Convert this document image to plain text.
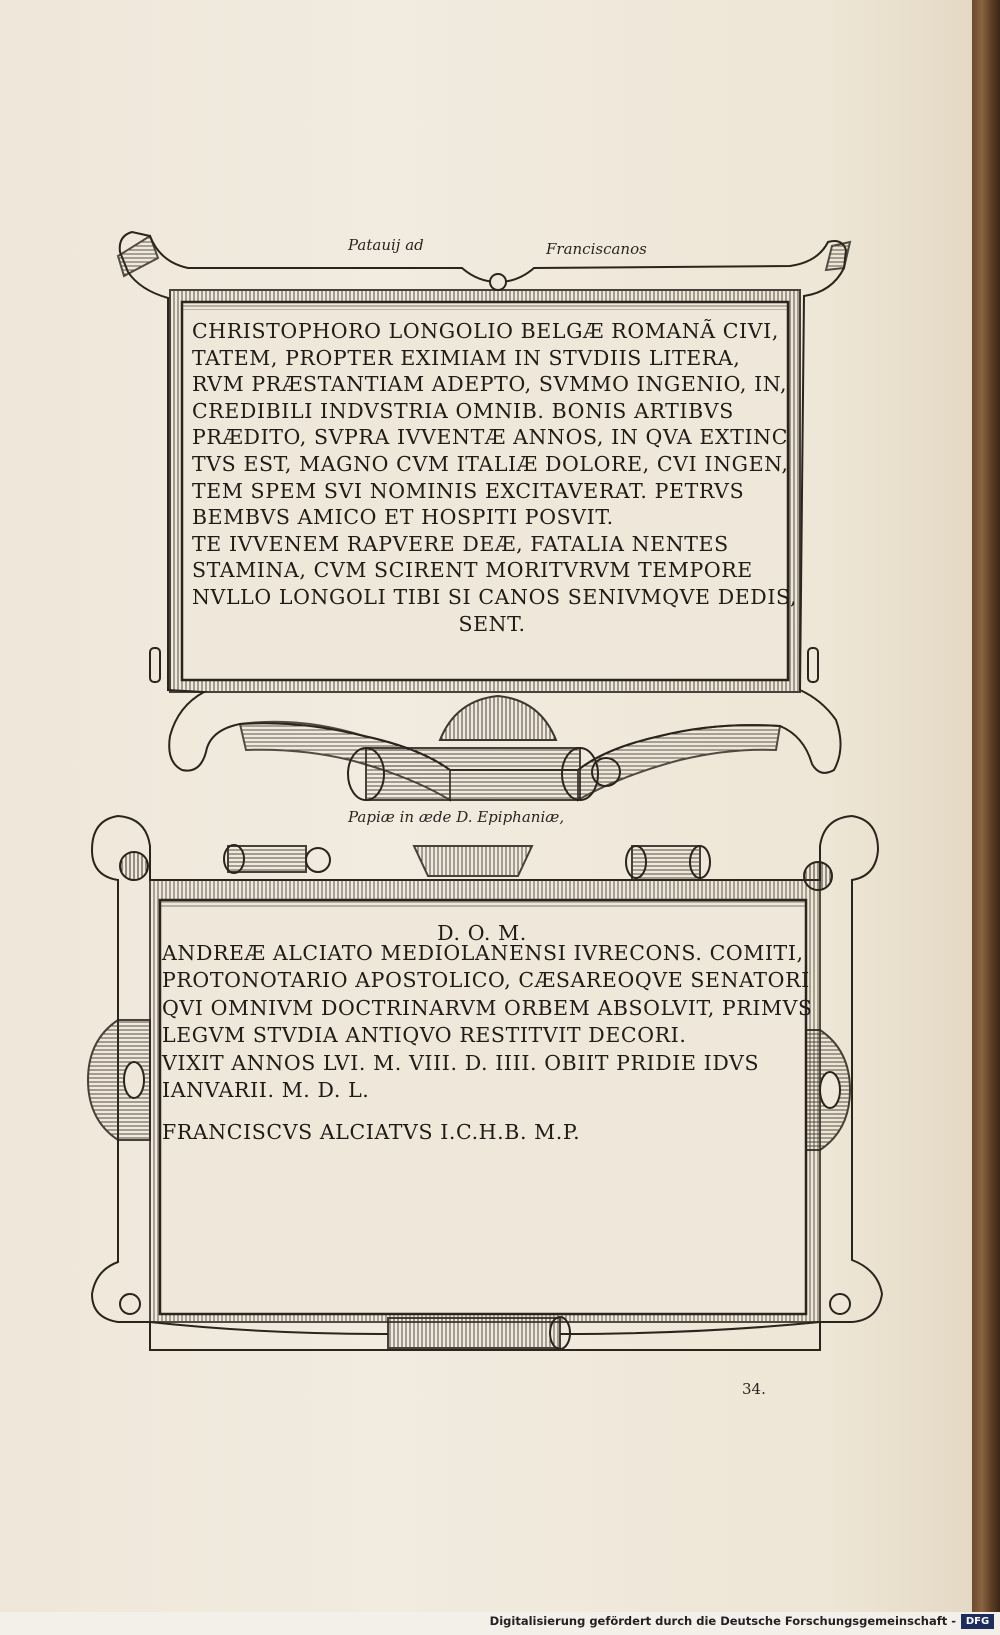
Patauij ad	Franciscanos
Papiæ in æde D. Epiphaniæ,
CHRISTOPHORO LONGOLIO BELGÆ ROMANÃ CIVI,
TATEM, PROPTER EXIMIAM IN STVDIIS LITERA,
RVM PRÆSTANTIAM ADEPTO, SVMMO INGENIO, IN,
CREDIBILI INDVSTRIA OMNIB. BONIS ARTIBVS
PRÆDITO, SVPRA IVVENTÆ ANNOS, IN QVA EXTINC
TVS EST, MAGNO CVM ITALIÆ DOLORE, CVI INGEN,
TEM SPEM SVI NOMINIS EXCITAVERAT. PETRVS
BEMBVS AMICO ET HOSPITI POSVIT.
TE IVVENEM RAPVERE DEÆ, FATALIA NENTES
STAMINA, CVM SCIRENT MORITVRVM TEMPORE
NVLLO LONGOLI TIBI SI CANOS SENIVMQVE DEDIS,
SENT.
D. O. M.
ANDREÆ ALCIATO MEDIOLANENSI IVRECONS. COMITI,
PROTONOTARIO APOSTOLICO, CÆSAREOQVE SENATORI
QVI OMNIVM DOCTRINARVM ORBEM ABSOLVIT, PRIMVS
LEGVM STVDIA ANTIQVO RESTITVIT DECORI.
VIXIT ANNOS LVI. M. VIII. D. IIII. OBIIT PRIDIE IDVS
IANVARII. M. D. L.
FRANCISCVS ALCIATVS I.C.H.B. M.P.
34.
Digitalisierung gefördert durch die Deutsche Forschungsgemeinschaft - DFG
